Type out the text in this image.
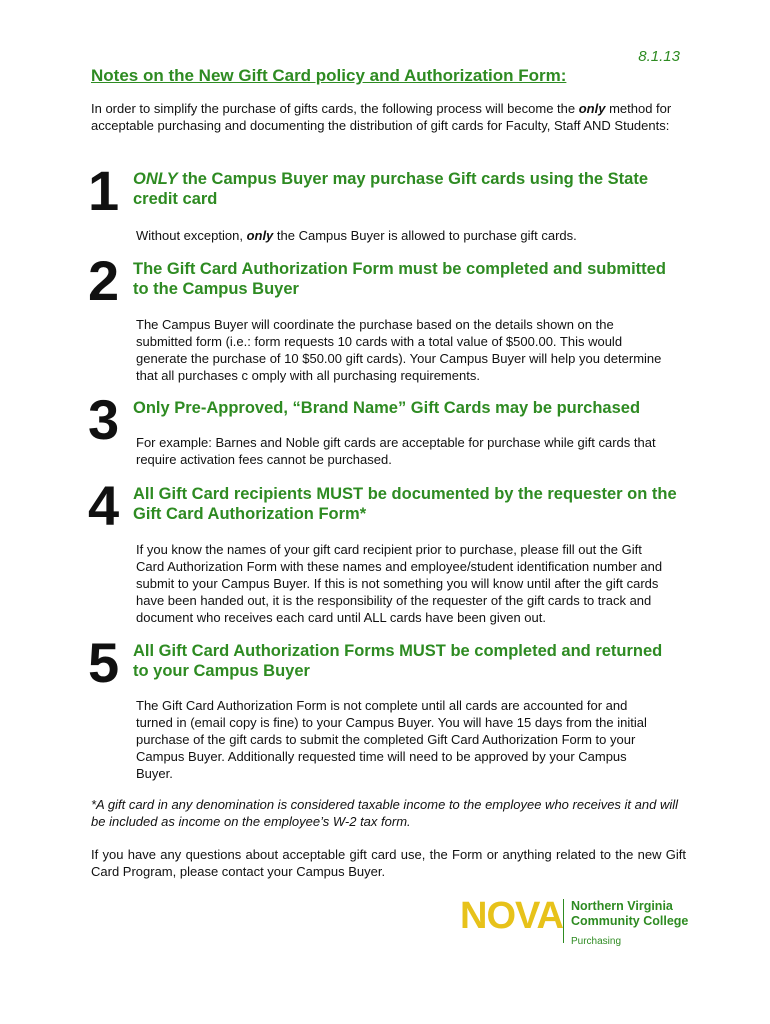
8.1.13
Notes on the New Gift Card policy and Authorization Form:
In order to simplify the purchase of gifts cards, the following process will become the only method for acceptable purchasing and documenting the distribution of gift cards for Faculty, Staff AND Students:
1 ONLY the Campus Buyer may purchase Gift cards using the State credit card
Without exception, only the Campus Buyer is allowed to purchase gift cards.
2 The Gift Card Authorization Form must be completed and submitted to the Campus Buyer
The Campus Buyer will coordinate the purchase based on the details shown on the submitted form (i.e.: form requests 10 cards with a total value of $500.00. This would generate the purchase of 10 $50.00 gift cards). Your Campus Buyer will help you determine that all purchases c omply with all purchasing requirements.
3 Only Pre-Approved, “Brand Name” Gift Cards may be purchased
For example: Barnes and Noble gift cards are acceptable for purchase while gift cards that require activation fees cannot be purchased.
4 All Gift Card recipients MUST be documented by the requester on the Gift Card Authorization Form*
If you know the names of your gift card recipient prior to purchase, please fill out the Gift Card Authorization Form with these names and employee/student identification number and submit to your Campus Buyer. If this is not something you will know until after the gift cards have been handed out, it is the responsibility of the requester of the gift cards to track and document who receives each card until ALL cards have been given out.
5 All Gift Card Authorization Forms MUST be completed and returned to your Campus Buyer
The Gift Card Authorization Form is not complete until all cards are accounted for and turned in (email copy is fine) to your Campus Buyer. You will have 15 days from the initial purchase of the gift cards to submit the completed Gift Card Authorization Form to your Campus Buyer. Additionally requested time will need to be approved by your Campus Buyer.
*A gift card in any denomination is considered taxable income to the employee who receives it and will be included as income on the employee’s W-2 tax form.
If you have any questions about acceptable gift card use, the Form or anything related to the new Gift Card Program, please contact your Campus Buyer.
NOVA Northern Virginia
Community College
Purchasing
